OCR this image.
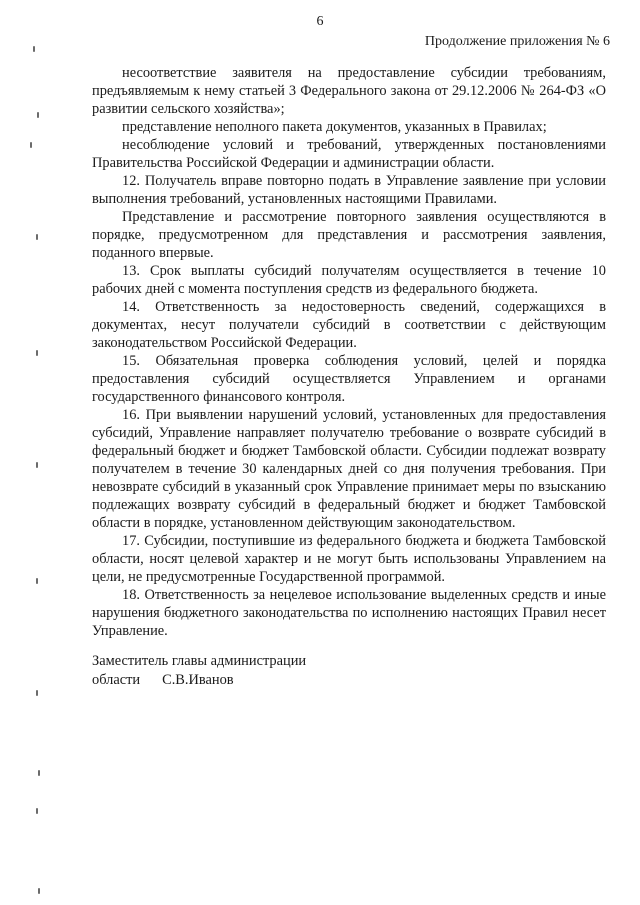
6
Продолжение приложения № 6

несоответствие заявителя на предоставление субсидии требованиям, предъявляемым к нему статьей 3 Федерального закона от 29.12.2006 № 264-ФЗ «О развитии сельского хозяйства»;

представление неполного пакета документов, указанных в Правилах;

несоблюдение условий и требований, утвержденных постановлениями Правительства Российской Федерации и администрации области.

12. Получатель вправе повторно подать в Управление заявление при условии выполнения требований, установленных настоящими Правилами.

Представление и рассмотрение повторного заявления осуществляются в порядке, предусмотренном для представления и рассмотрения заявления, поданного впервые.

13. Срок выплаты субсидий получателям осуществляется в течение 10 рабочих дней с момента поступления средств из федерального бюджета.

14. Ответственность за недостоверность сведений, содержащихся в документах, несут получатели субсидий в соответствии с действующим законодательством Российской Федерации.

15. Обязательная проверка соблюдения условий, целей и порядка предоставления субсидий осуществляется Управлением и органами государственного финансового контроля.

16. При выявлении нарушений условий, установленных для предоставления субсидий, Управление направляет получателю требование о возврате субсидий в федеральный бюджет и бюджет Тамбовской области. Субсидии подлежат возврату получателем в течение 30 календарных дней со дня получения требования. При невозврате субсидий в указанный срок Управление принимает меры по взысканию подлежащих возврату субсидий в федеральный бюджет и бюджет Тамбовской области в порядке, установленном действующим законодательством.

17. Субсидии, поступившие из федерального бюджета и бюджета Тамбовской области, носят целевой характер и не могут быть использованы Управлением на цели, не предусмотренные Государственной программой.

18. Ответственность за нецелевое использование выделенных средств и иные нарушения бюджетного законодательства по исполнению настоящих Правил несет Управление.

Заместитель главы администрации
области С.В.Иванов
